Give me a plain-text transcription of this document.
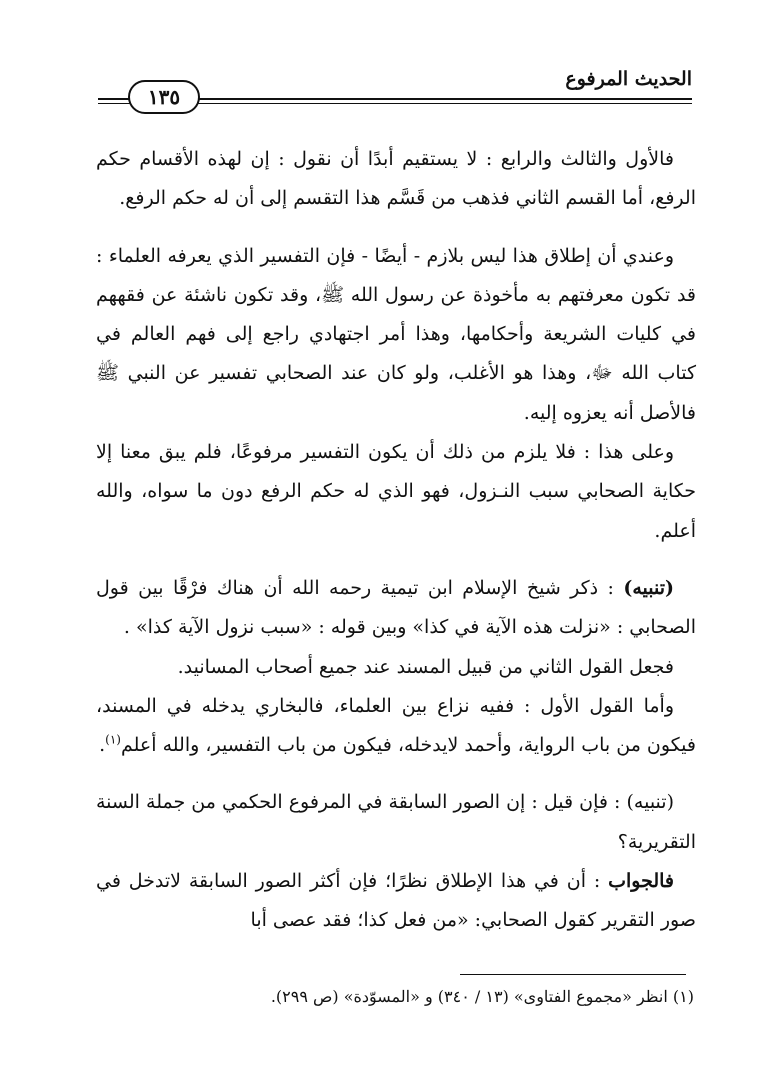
الحديث المرفوع
١٣٥

فالأول والثالث والرابع : لا يستقيم أبدًا أن نقول : إن لهذه الأقسام حكم الرفع، أما القسم الثاني فذهب من قَسَّم هذا التقسم إلى أن له حكم الرفع.

وعندي أن إطلاق هذا ليس بلازم - أيضًا - فإن التفسير الذي يعرفه العلماء : قد تكون معرفتهم به مأخوذة عن رسول الله ﷺ، وقد تكون ناشئة عن فقههم في كليات الشريعة وأحكامها، وهذا أمر اجتهادي راجع إلى فهم العالم في كتاب الله ﷻ، وهذا هو الأغلب، ولو كان عند الصحابي تفسير عن النبي ﷺ فالأصل أنه يعزوه إليه.

وعلى هذا : فلا يلزم من ذلك أن يكون التفسير مرفوعًا، فلم يبق معنا إلا حكاية الصحابي سبب النـزول، فهو الذي له حكم الرفع دون ما سواه، والله أعلم.

(تنبيه) : ذكر شيخ الإسلام ابن تيمية رحمه الله أن هناك فرْقًا بين قول الصحابي : «نزلت هذه الآية في كذا» وبين قوله : «سبب نزول الآية كذا» .

فجعل القول الثاني من قبيل المسند عند جميع أصحاب المسانيد.

وأما القول الأول : ففيه نزاع بين العلماء، فالبخاري يدخله في المسند، فيكون من باب الرواية، وأحمد لايدخله، فيكون من باب التفسير، والله أعلم$^{(١)}$.

(تنبيه) : فإن قيل : إن الصور السابقة في المرفوع الحكمي من جملة السنة التقريرية؟

فالجواب : أن في هذا الإطلاق نظرًا؛ فإن أكثر الصور السابقة لاتدخل في صور التقرير كقول الصحابي: «من فعل كذا؛ فقد عصى أبا

(١) انظر «مجموع الفتاوى» (١٣ / ٣٤٠) و «المسوّدة» (ص ٢٩٩).
